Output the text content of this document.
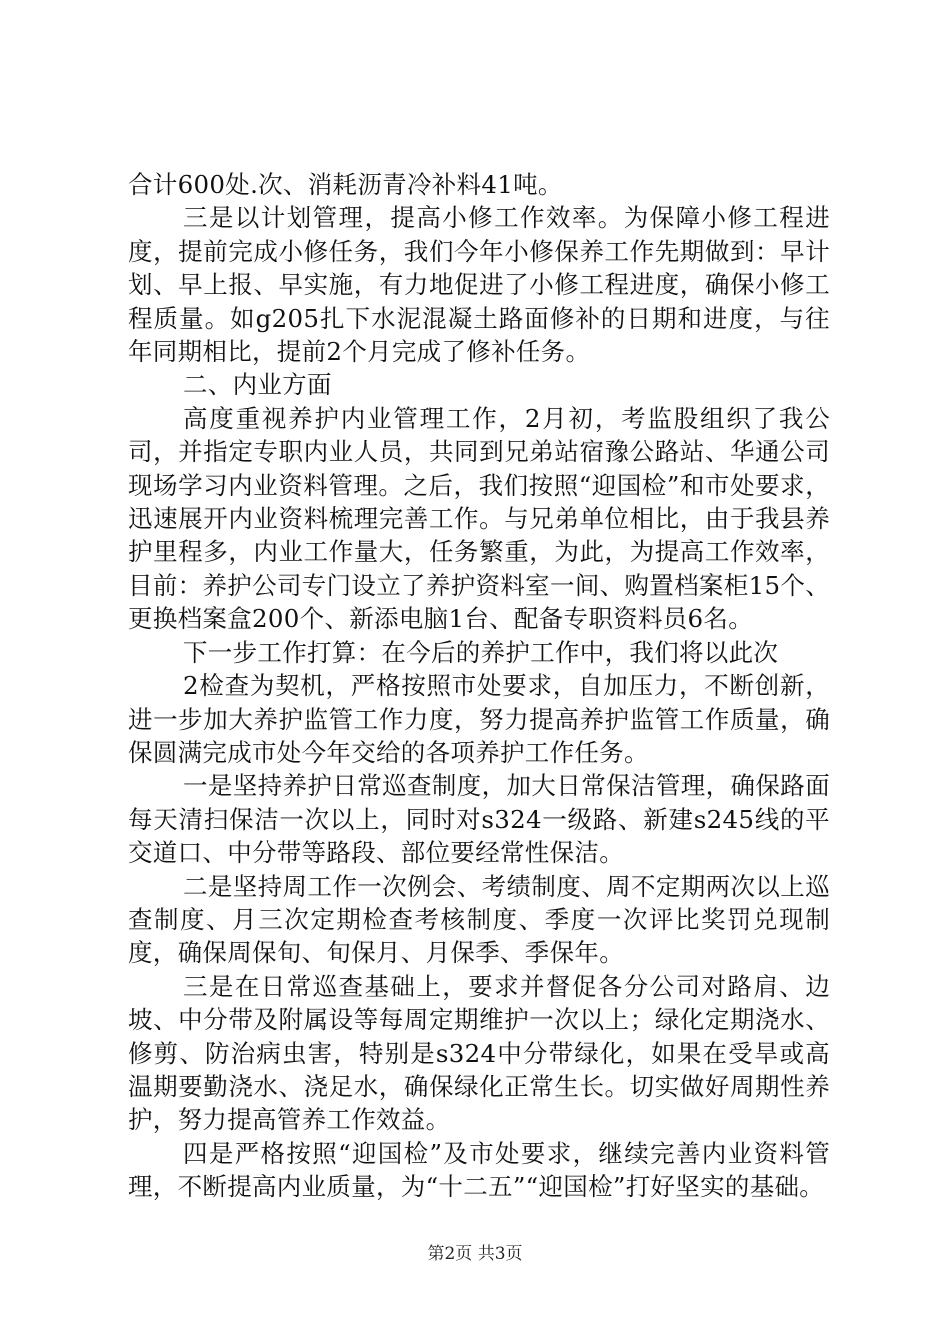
合计600处.次、消耗沥青冷补料41吨。

三是以计划管理，提高小修工作效率。为保障小修工程进度，提前完成小修任务，我们今年小修保养工作先期做到：早计划、早上报、早实施，有力地促进了小修工程进度，确保小修工程质量。如g205扎下水泥混凝土路面修补的日期和进度，与往年同期相比，提前2个月完成了修补任务。

二、内业方面

高度重视养护内业管理工作，2月初，考监股组织了我公司，并指定专职内业人员，共同到兄弟站宿豫公路站、华通公司现场学习内业资料管理。之后，我们按照“迎国检”和市处要求，迅速展开内业资料梳理完善工作。与兄弟单位相比，由于我县养护里程多，内业工作量大，任务繁重，为此，为提高工作效率，目前：养护公司专门设立了养护资料室一间、购置档案柜15个、更换档案盒200个、新添电脑1台、配备专职资料员6名。

下一步工作打算：在今后的养护工作中，我们将以此次

2检查为契机，严格按照市处要求，自加压力，不断创新，进一步加大养护监管工作力度，努力提高养护监管工作质量，确保圆满完成市处今年交给的各项养护工作任务。

一是坚持养护日常巡查制度，加大日常保洁管理，确保路面每天清扫保洁一次以上，同时对s324一级路、新建s245线的平交道口、中分带等路段、部位要经常性保洁。

二是坚持周工作一次例会、考绩制度、周不定期两次以上巡查制度、月三次定期检查考核制度、季度一次评比奖罚兑现制度，确保周保旬、旬保月、月保季、季保年。

三是在日常巡查基础上，要求并督促各分公司对路肩、边坡、中分带及附属设等每周定期维护一次以上；绿化定期浇水、修剪、防治病虫害，特别是s324中分带绿化，如果在受旱或高温期要勤浇水、浇足水，确保绿化正常生长。切实做好周期性养护，努力提高管养工作效益。

四是严格按照“迎国检”及市处要求，继续完善内业资料管理，不断提高内业质量，为“十二五”“迎国检”打好坚实的基础。

第2页 共3页
